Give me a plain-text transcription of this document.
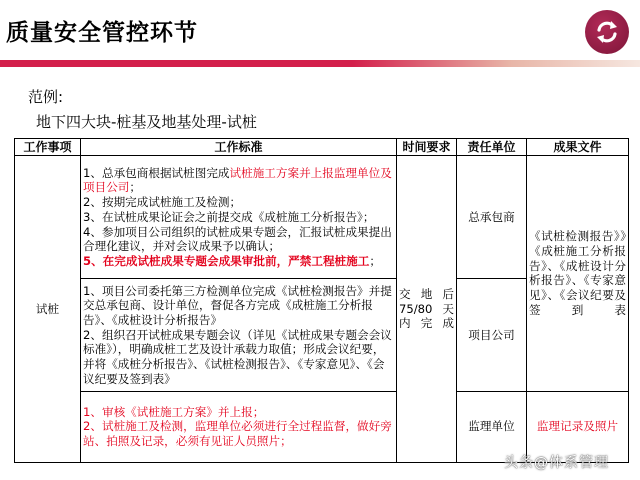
质量安全管控环节
范例:
地下四大块-桩基及地基处理-试桩
工作事项	工作标准	时间要求	责任单位	成果文件
试桩	1、总承包商根据试桩图完成试桩施工方案并上报监理单位及项目公司；
2、按期完成试桩施工及检测；
3、在试桩成果论证会之前提交成《成桩施工分析报告》；
4、参加项目公司组织的试桩成果专题会，汇报试桩成果提出合理化建议，并对会议成果予以确认；
5、在完成试桩成果专题会成果审批前，严禁工程桩施工；	交地后75/80天内完成	总承包商	《试桩检测报告》》《成桩施工分析报告》、《成桩设计分析报告》、《专家意见》、《会议纪要及签到表

	1、项目公司委托第三方检测单位完成《试桩检测报告》并提交总承包商、设计单位，督促各方完成《成桩施工分析报告》、《成桩设计分析报告》
2、组织召开试桩成果专题会议（详见《试桩成果专题会会议标准》），明确成桩工艺及设计承载力取值；形成会议纪要，并将《成桩分析报告》、《试桩检测报告》、《专家意见》、《会议纪要及签到表》		项目公司	

	1、审核《试桩施工方案》并上报；
2、试桩施工及检测，监理单位必须进行全过程监督，做好旁站、拍照及记录，必须有见证人员照片；		监理单位	监理记录及照片
头条@体系管理
